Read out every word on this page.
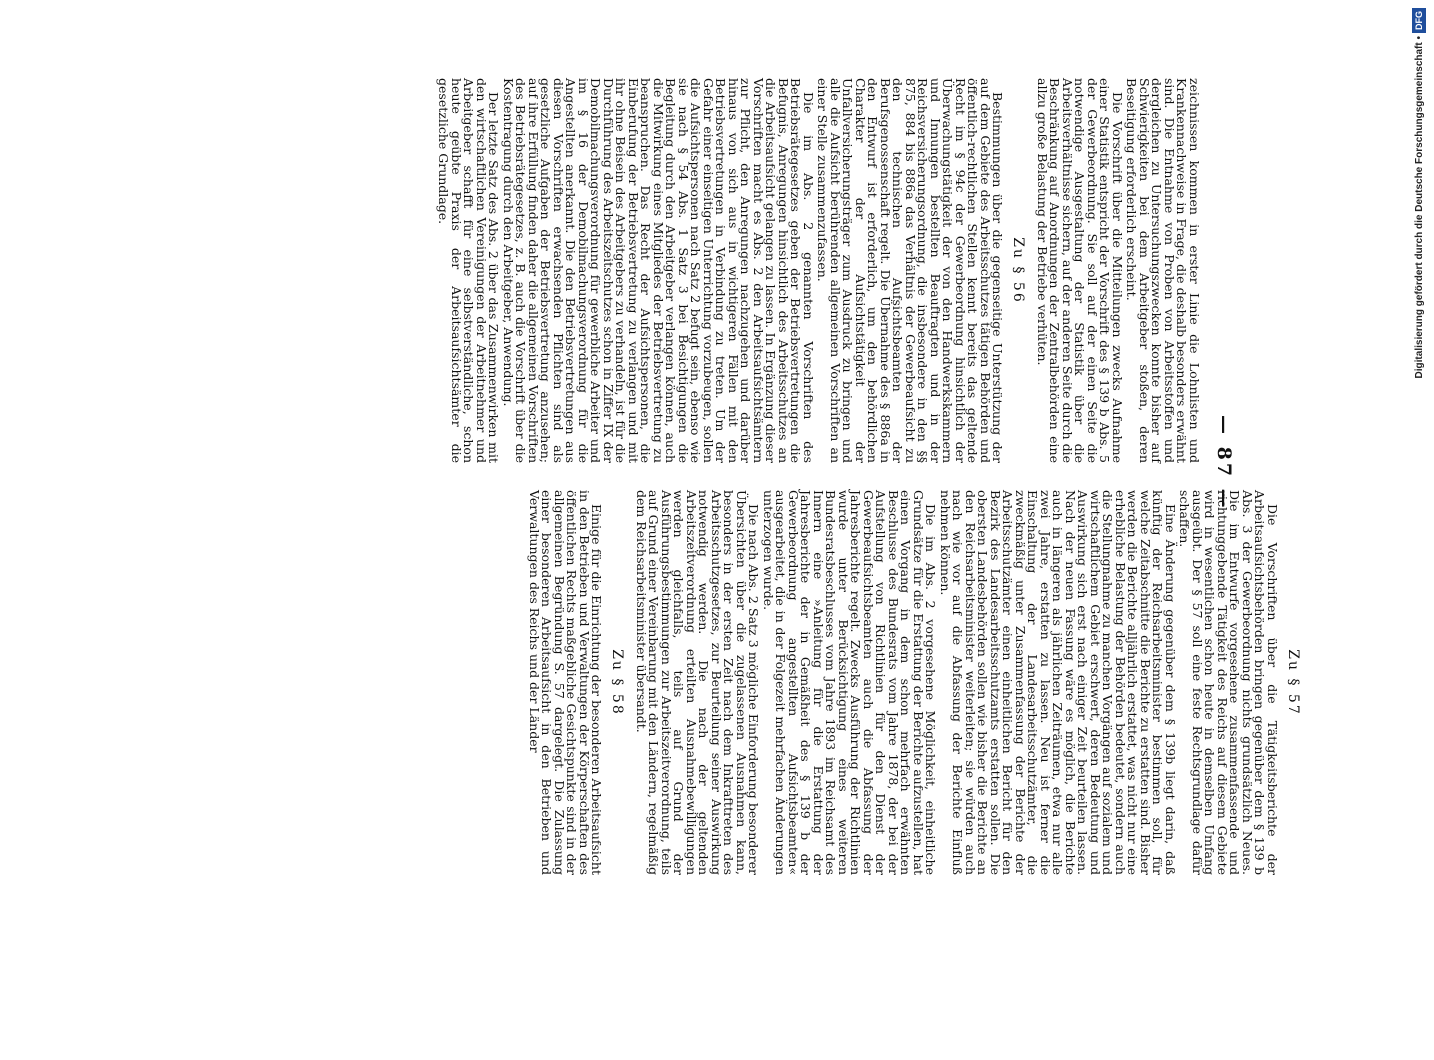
— 87 —

zeichnissen kommen in erster Linie die Lohnlisten und Krankennachweise in Frage, die deshalb besonders erwähnt sind. Die Entnahme von Proben von Arbeitsstoffen und dergleichen zu Untersuchungszwecken konnte bisher auf Schwierigkeiten bei dem Arbeitgeber stoßen, deren Beseitigung erforderlich erscheint.

Die Vorschrift über die Mitteilungen zwecks Aufnahme einer Statistik entspricht der Vorschrift des § 139 b Abs. 5 der Gewerbeordnung. Sie soll auf der einen Seite die notwendige Ausgestaltung der Statistik über die Arbeitsverhältnisse sichern, auf der anderen Seite durch die Beschränkung auf Anordnungen der Zentralbehörden eine allzu große Belastung der Betriebe verhüten.

Zu § 56

Bestimmungen über die gegenseitige Unterstützung der auf dem Gebiete des Arbeitsschutzes tätigen Behörden und öffentlich-rechtlichen Stellen kennt bereits das geltende Recht im § 94c der Gewerbeordnung hinsichtlich der Überwachungstätigkeit der von den Handwerkskammern und Innungen bestellten Beauftragten und in der Reichsversicherungsordnung, die insbesondere in den §§ 875, 884 bis 886a das Verhältnis der Gewerbeaufsicht zu den technischen Aufsichtsbeamten der Berufsgenossenschaft regelt. Die Übernahme des § 886a in den Entwurf ist erforderlich, um den behördlichen Charakter der Aufsichtstätigkeit der Unfallversicherungsträger zum Ausdruck zu bringen und alle die Aufsicht berührenden allgemeinen Vorschriften an einer Stelle zusammenzufassen.

Die im Abs. 2 genannten Vorschriften des Betriebsrätegesetzes geben der Betriebsvertretungen die Befugnis, Anregungen hinsichtlich des Arbeitsschutzes an die Arbeitsaufsicht gelangen zu lassen. In Ergänzung dieser Vorschriften macht es Abs. 2 den Arbeitsaufsichtsämtern zur Pflicht, den Anregungen nachzugehen und darüber hinaus von sich aus in wichtigeren Fällen mit den Betriebsvertretungen in Verbindung zu treten. Um der Gefahr einer einseitigen Unterrichtung vorzubeugen, sollen die Aufsichtspersonen nach Satz 2 befugt sein, ebenso wie sie nach § 54 Abs. 1 Satz 3 bei Besichtigungen die Begleitung durch den Arbeitgeber verlangen können, auch die Mitwirkung eines Mitgliedes der Betriebsvertretung zu beanspruchen. Das Recht der Aufsichtspersonen, die Einberufung der Betriebsvertretung zu verlangen und mit ihr ohne Beisein des Arbeitgebers zu verhandeln, ist für die Durchführung des Arbeitszeitschutzes schon in Ziffer IX der Demobilmachungsverordnung für gewerbliche Arbeiter und im § 16 der Demobilmachungsverordnung für die Angestellten anerkannt. Die den Betriebsvertretungen aus diesen Vorschriften erwachsenden Pflichten sind als gesetzliche Aufgaben der Betriebsvertretung anzusehen; auf ihre Erfüllung finden daher die allgemeinen Vorschriften des Betriebsrätegesetzes, z. B. auch die Vorschrift über die Kostentragung durch den Arbeitgeber, Anwendung.

Der letzte Satz des Abs. 2 über das Zusammenwirken mit den wirtschaftlichen Vereinigungen der Arbeitnehmer und Arbeitgeber schafft für eine selbstverständliche, schon heute geübte Praxis der Arbeitsaufsichtsämter die gesetzliche Grundlage.

Zu § 57

Die Vorschriften über die Tätigkeitsberichte der Arbeitsaufsichtsbehörden bringen gegenüber dem § 139 b Abs. 3 der Gewerbeordnung nichts grundsätzlich Neues. Die im Entwurfe vorgesehene zusammenfassende und richtunggebende Tätigkeit des Reichs auf diesem Gebiete wird in wesentlichen schon heute in demselben Umfang ausgeübt. Der § 57 soll eine feste Rechtsgrundlage dafür schaffen.

Eine Änderung gegenüber dem § 139b liegt darin, daß künftig der Reichsarbeitsminister bestimmen soll, für welche Zeitabschnitte die Berichte zu erstatten sind. Bisher werden die Berichte alljährlich erstattet, was nicht nur eine erhebliche Belastung der Behörden bedeutet, sondern auch die Stellungnahme zu manchen Vorgängen auf sozialem und wirtschaftlichem Gebiet erschwert, deren Bedeutung und Auswirkung sich erst nach einiger Zeit beurteilen lassen. Nach der neuen Fassung wäre es möglich, die Berichte auch in längeren als jährlichen Zeiträumen, etwa nur alle zwei Jahre, erstatten zu lassen. Neu ist ferner die Einschaltung der Landesarbeitsschutzämter, die zweckmäßig unter Zusammenfassung der Berichte der Arbeitsschutzämter einen einheitlichen Bericht für den Bezirk des Landesarbeitsschutzamts erstatten sollen. Die obersten Landesbehörden sollen wie bisher die Berichte an den Reichsarbeitsminister weiterleiten; sie würden auch nach wie vor auf die Abfassung der Berichte Einfluß nehmen können.

Die im Abs. 2 vorgesehene Möglichkeit, einheitliche Grundsätze für die Erstattung der Berichte aufzustellen, hat einen Vorgang in dem schon mehrfach erwähnten Beschlusse des Bundesrats vom Jahre 1878, der bei der Aufstellung von Richtlinien für den Dienst der Gewerbeaufsichtsbeamten auch die Abfassung der Jahresberichte regelt. Zwecks Ausführung der Richtlinien wurde unter Berücksichtigung eines weiteren Bundesratsbeschlusses vom Jahre 1893 im Reichsamt des Innern eine »Anleitung für die Erstattung der Jahresberichte der in Gemäßheit des § 139 b der Gewerbeordnung angestellten Aufsichtsbeamten« ausgearbeitet, die in der Folgezeit mehrfachen Änderungen unterzogen wurde.

Die nach Abs. 2 Satz 3 mögliche Einforderung besonderer Übersichten über die zugelassenen Ausnahmen kann, besonders in der ersten Zeit nach dem Inkrafttreten des Arbeitsschutzgesetzes, zur Beurteilung seiner Auswirkung notwendig werden. Die nach der geltenden Arbeitszeitverordnung erteilten Ausnahmebewilligungen werden gleichfalls, teils auf Grund der Ausführungsbestimmungen zur Arbeitszeitverordnung, teils auf Grund einer Vereinbarung mit den Ländern, regelmäßig dem Reichsarbeitsminister übersandt.

Zu § 58

Einige für die Einrichtung der besonderen Arbeitsaufsicht in den Betrieben und Verwaltungen der Körperschaften des öffentlichen Rechts maßgebliche Gesichtspunkte sind in der allgemeinen Begründung S. 57 dargelegt. Die Zulassung einer besonderen Arbeitsaufsicht in den Betrieben und Verwaltungen des Reichs und der Länder

Digitalisierung gefördert durch die Deutsche Forschungsgemeinschaft •DFG
